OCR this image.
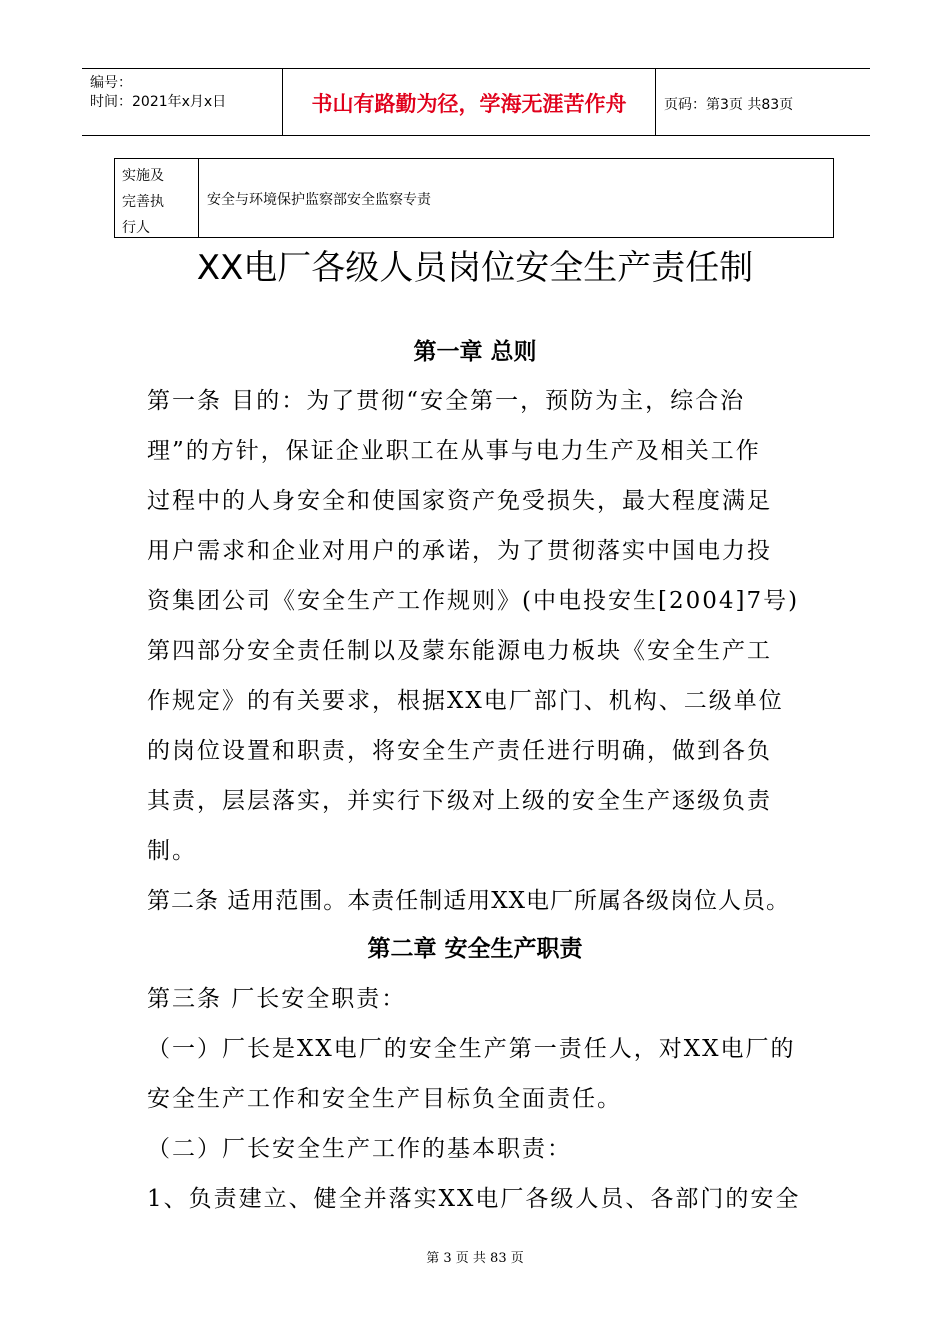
编号：
时间：2021年x月x日	书山有路勤为径，学海无涯苦作舟	页码：第3页 共83页
实施及
完善执
行人
安全与环境保护监察部安全监察专责
XX电厂各级人员岗位安全生产责任制
第一章 总则
第一条 目的：为了贯彻“安全第一，预防为主，综合治
理”的方针，保证企业职工在从事与电力生产及相关工作
过程中的人身安全和使国家资产免受损失，最大程度满足
用户需求和企业对用户的承诺，为了贯彻落实中国电力投
资集团公司《安全生产工作规则》(中电投安生[2004]7号)
第四部分安全责任制以及蒙东能源电力板块《安全生产工
作规定》的有关要求，根据XX电厂部门、机构、二级单位
的岗位设置和职责，将安全生产责任进行明确，做到各负
其责，层层落实，并实行下级对上级的安全生产逐级负责
制。
第二条 适用范围。本责任制适用XX电厂所属各级岗位人员。
第二章 安全生产职责
第三条 厂长安全职责：
（一）厂长是XX电厂的安全生产第一责任人，对XX电厂的
安全生产工作和安全生产目标负全面责任。
（二）厂长安全生产工作的基本职责：
1、负责建立、健全并落实XX电厂各级人员、各部门的安全
第 3 页 共 83 页
